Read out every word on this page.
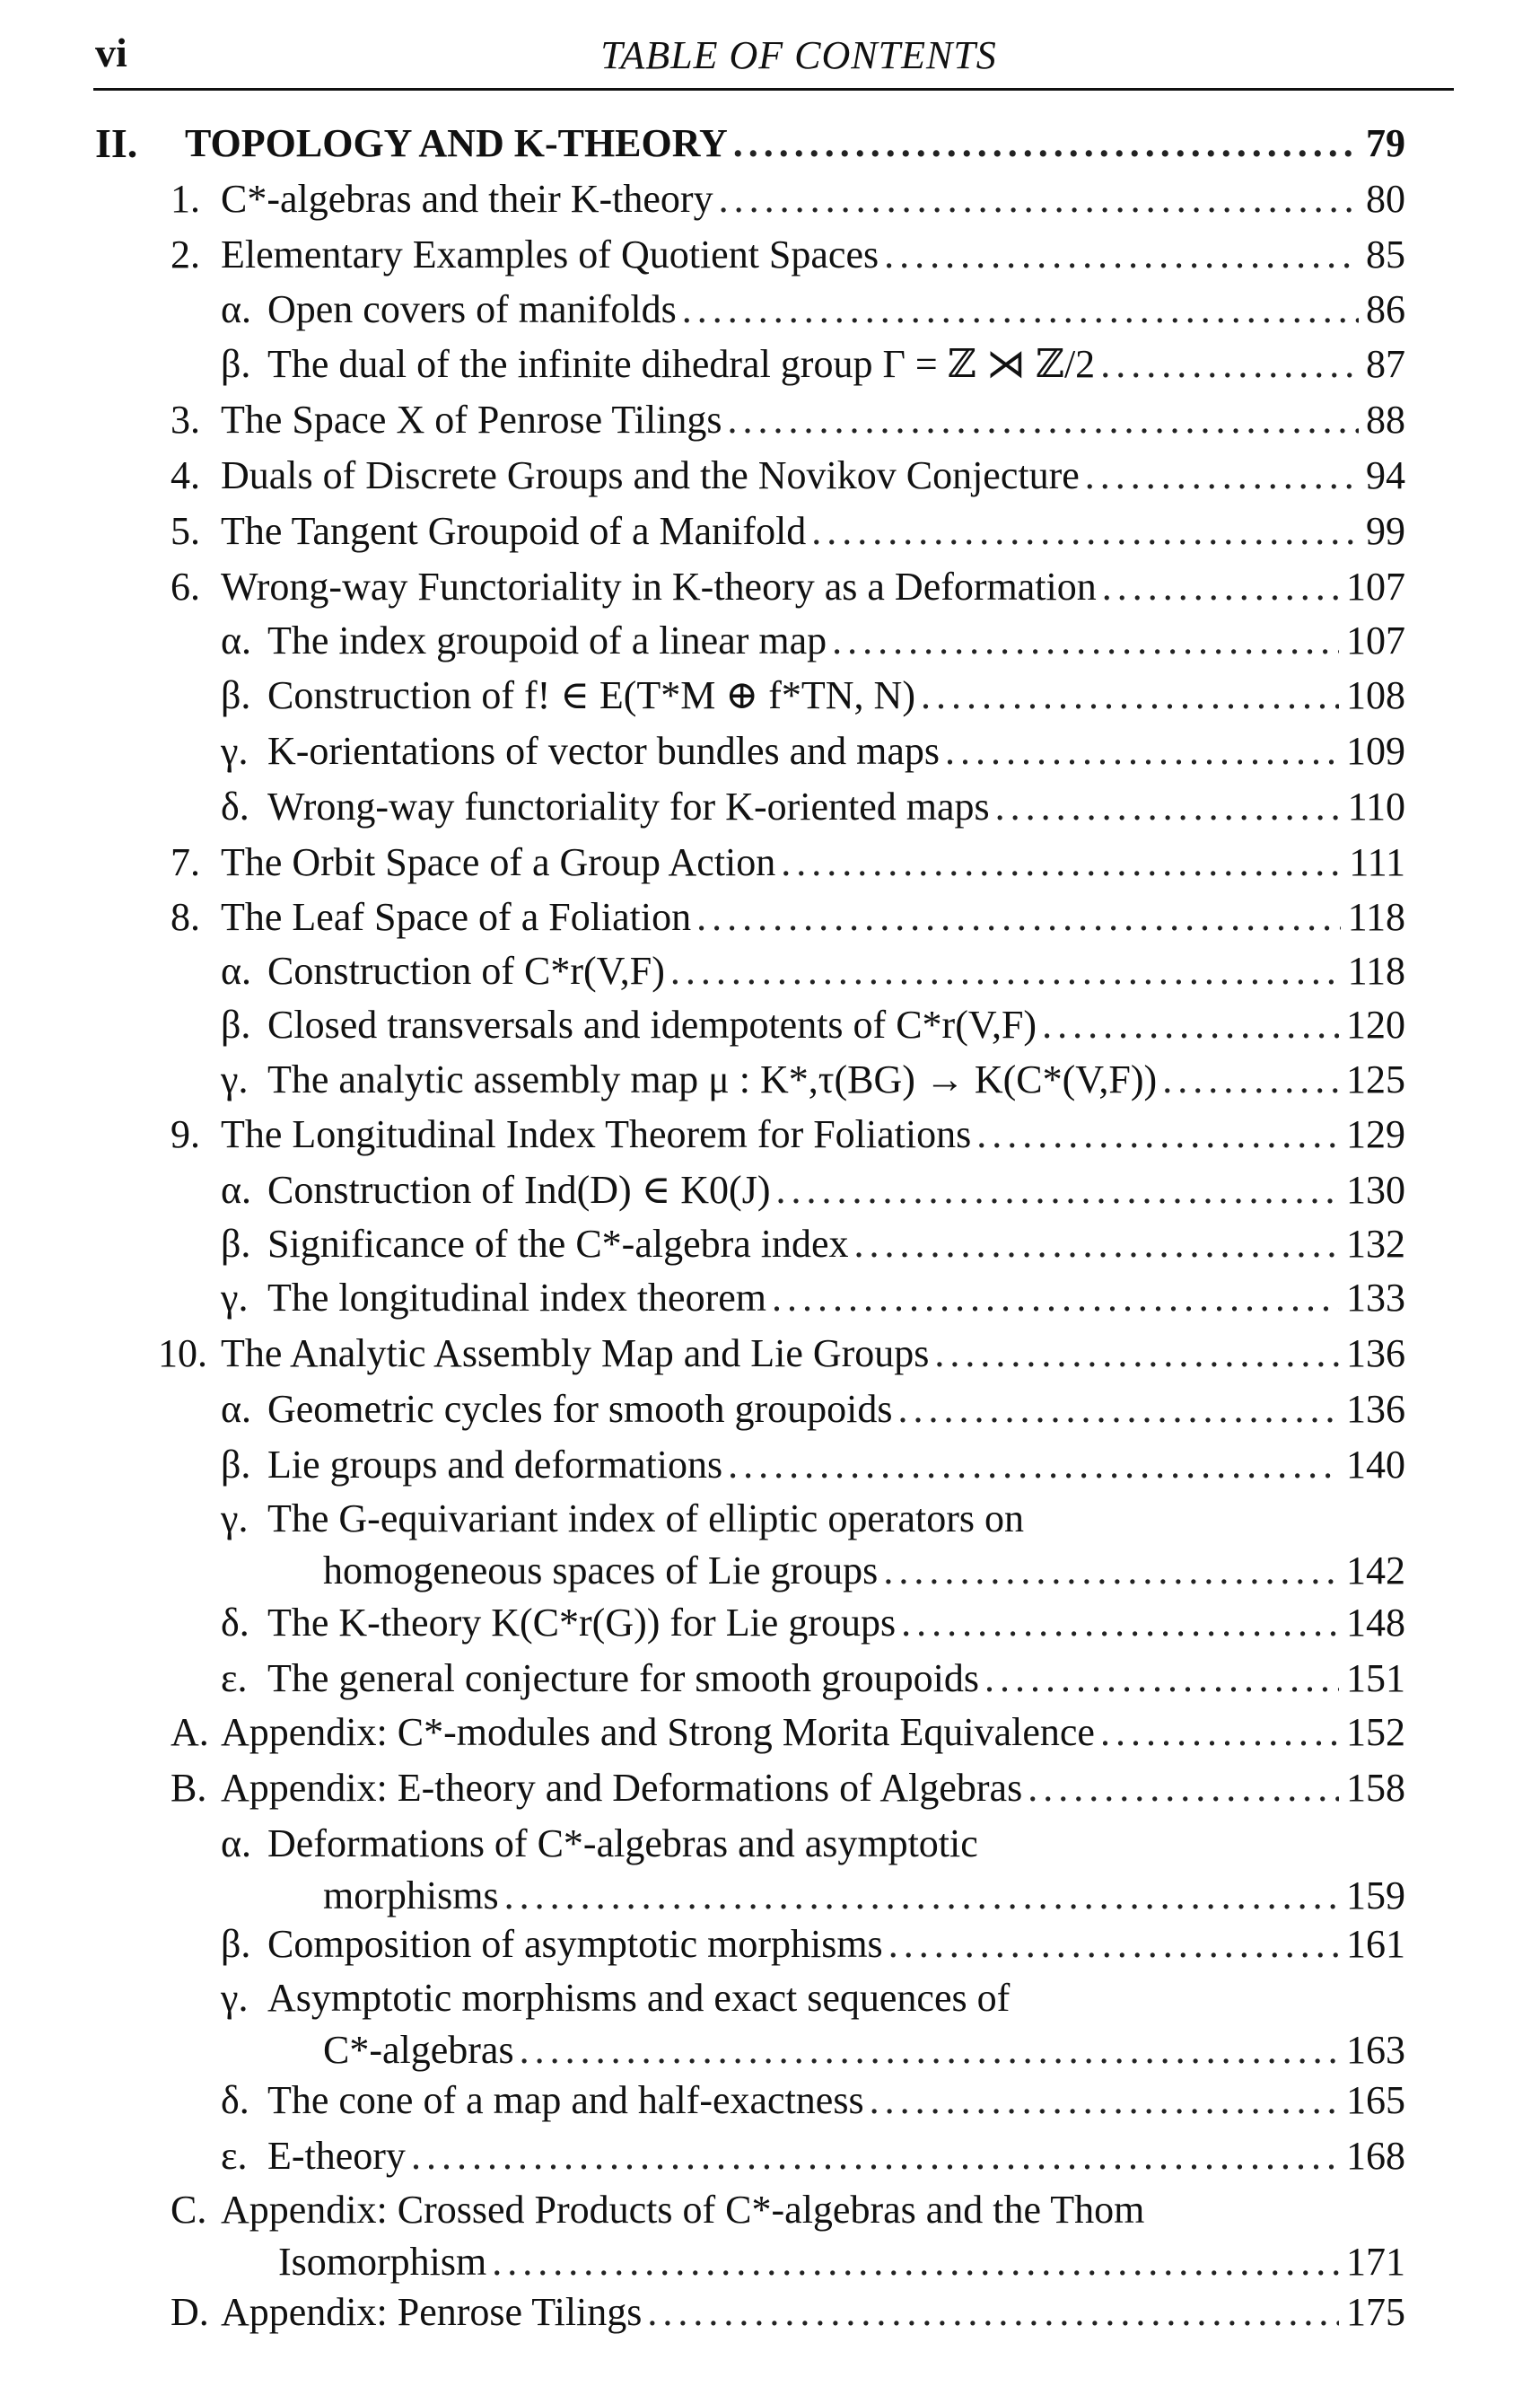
vi	TABLE OF CONTENTS
II. TOPOLOGY AND K-THEORY .....	79
1. C*-algebras and their K-theory .....	80
2. Elementary Examples of Quotient Spaces .....	85
α. Open covers of manifolds .....	86
β. The dual of the infinite dihedral group Γ = ℤ ⋊ ℤ/2 .....	87
3. The Space X of Penrose Tilings .....	88
4. Duals of Discrete Groups and the Novikov Conjecture .....	94
5. The Tangent Groupoid of a Manifold .....	99
6. Wrong-way Functoriality in K-theory as a Deformation .....	107
α. The index groupoid of a linear map .....	107
β. Construction of f! ∈ E(T*M ⊕ f*TN, N) .....	108
γ. K-orientations of vector bundles and maps .....	109
δ. Wrong-way functoriality for K-oriented maps .....	110
7. The Orbit Space of a Group Action .....	111
8. The Leaf Space of a Foliation .....	118
α. Construction of C*r(V,F) .....	118
β. Closed transversals and idempotents of C*r(V,F) .....	120
γ. The analytic assembly map μ : K*,τ(BG) → K(C*(V,F)) .....	125
9. The Longitudinal Index Theorem for Foliations .....	129
α. Construction of Ind(D) ∈ K0(J) .....	130
β. Significance of the C*-algebra index .....	132
γ. The longitudinal index theorem .....	133
10. The Analytic Assembly Map and Lie Groups .....	136
α. Geometric cycles for smooth groupoids .....	136
β. Lie groups and deformations .....	140
γ. The G-equivariant index of elliptic operators on
homogeneous spaces of Lie groups .....	142
δ. The K-theory K(C*r(G)) for Lie groups .....	148
ε. The general conjecture for smooth groupoids .....	151
A. Appendix: C*-modules and Strong Morita Equivalence .....	152
B. Appendix: E-theory and Deformations of Algebras .....	158
α. Deformations of C*-algebras and asymptotic
morphisms .....	159
β. Composition of asymptotic morphisms .....	161
γ. Asymptotic morphisms and exact sequences of
C*-algebras .....	163
δ. The cone of a map and half-exactness .....	165
ε. E-theory .....	168
C. Appendix: Crossed Products of C*-algebras and the Thom
Isomorphism .....	171
D. Appendix: Penrose Tilings .....	175
